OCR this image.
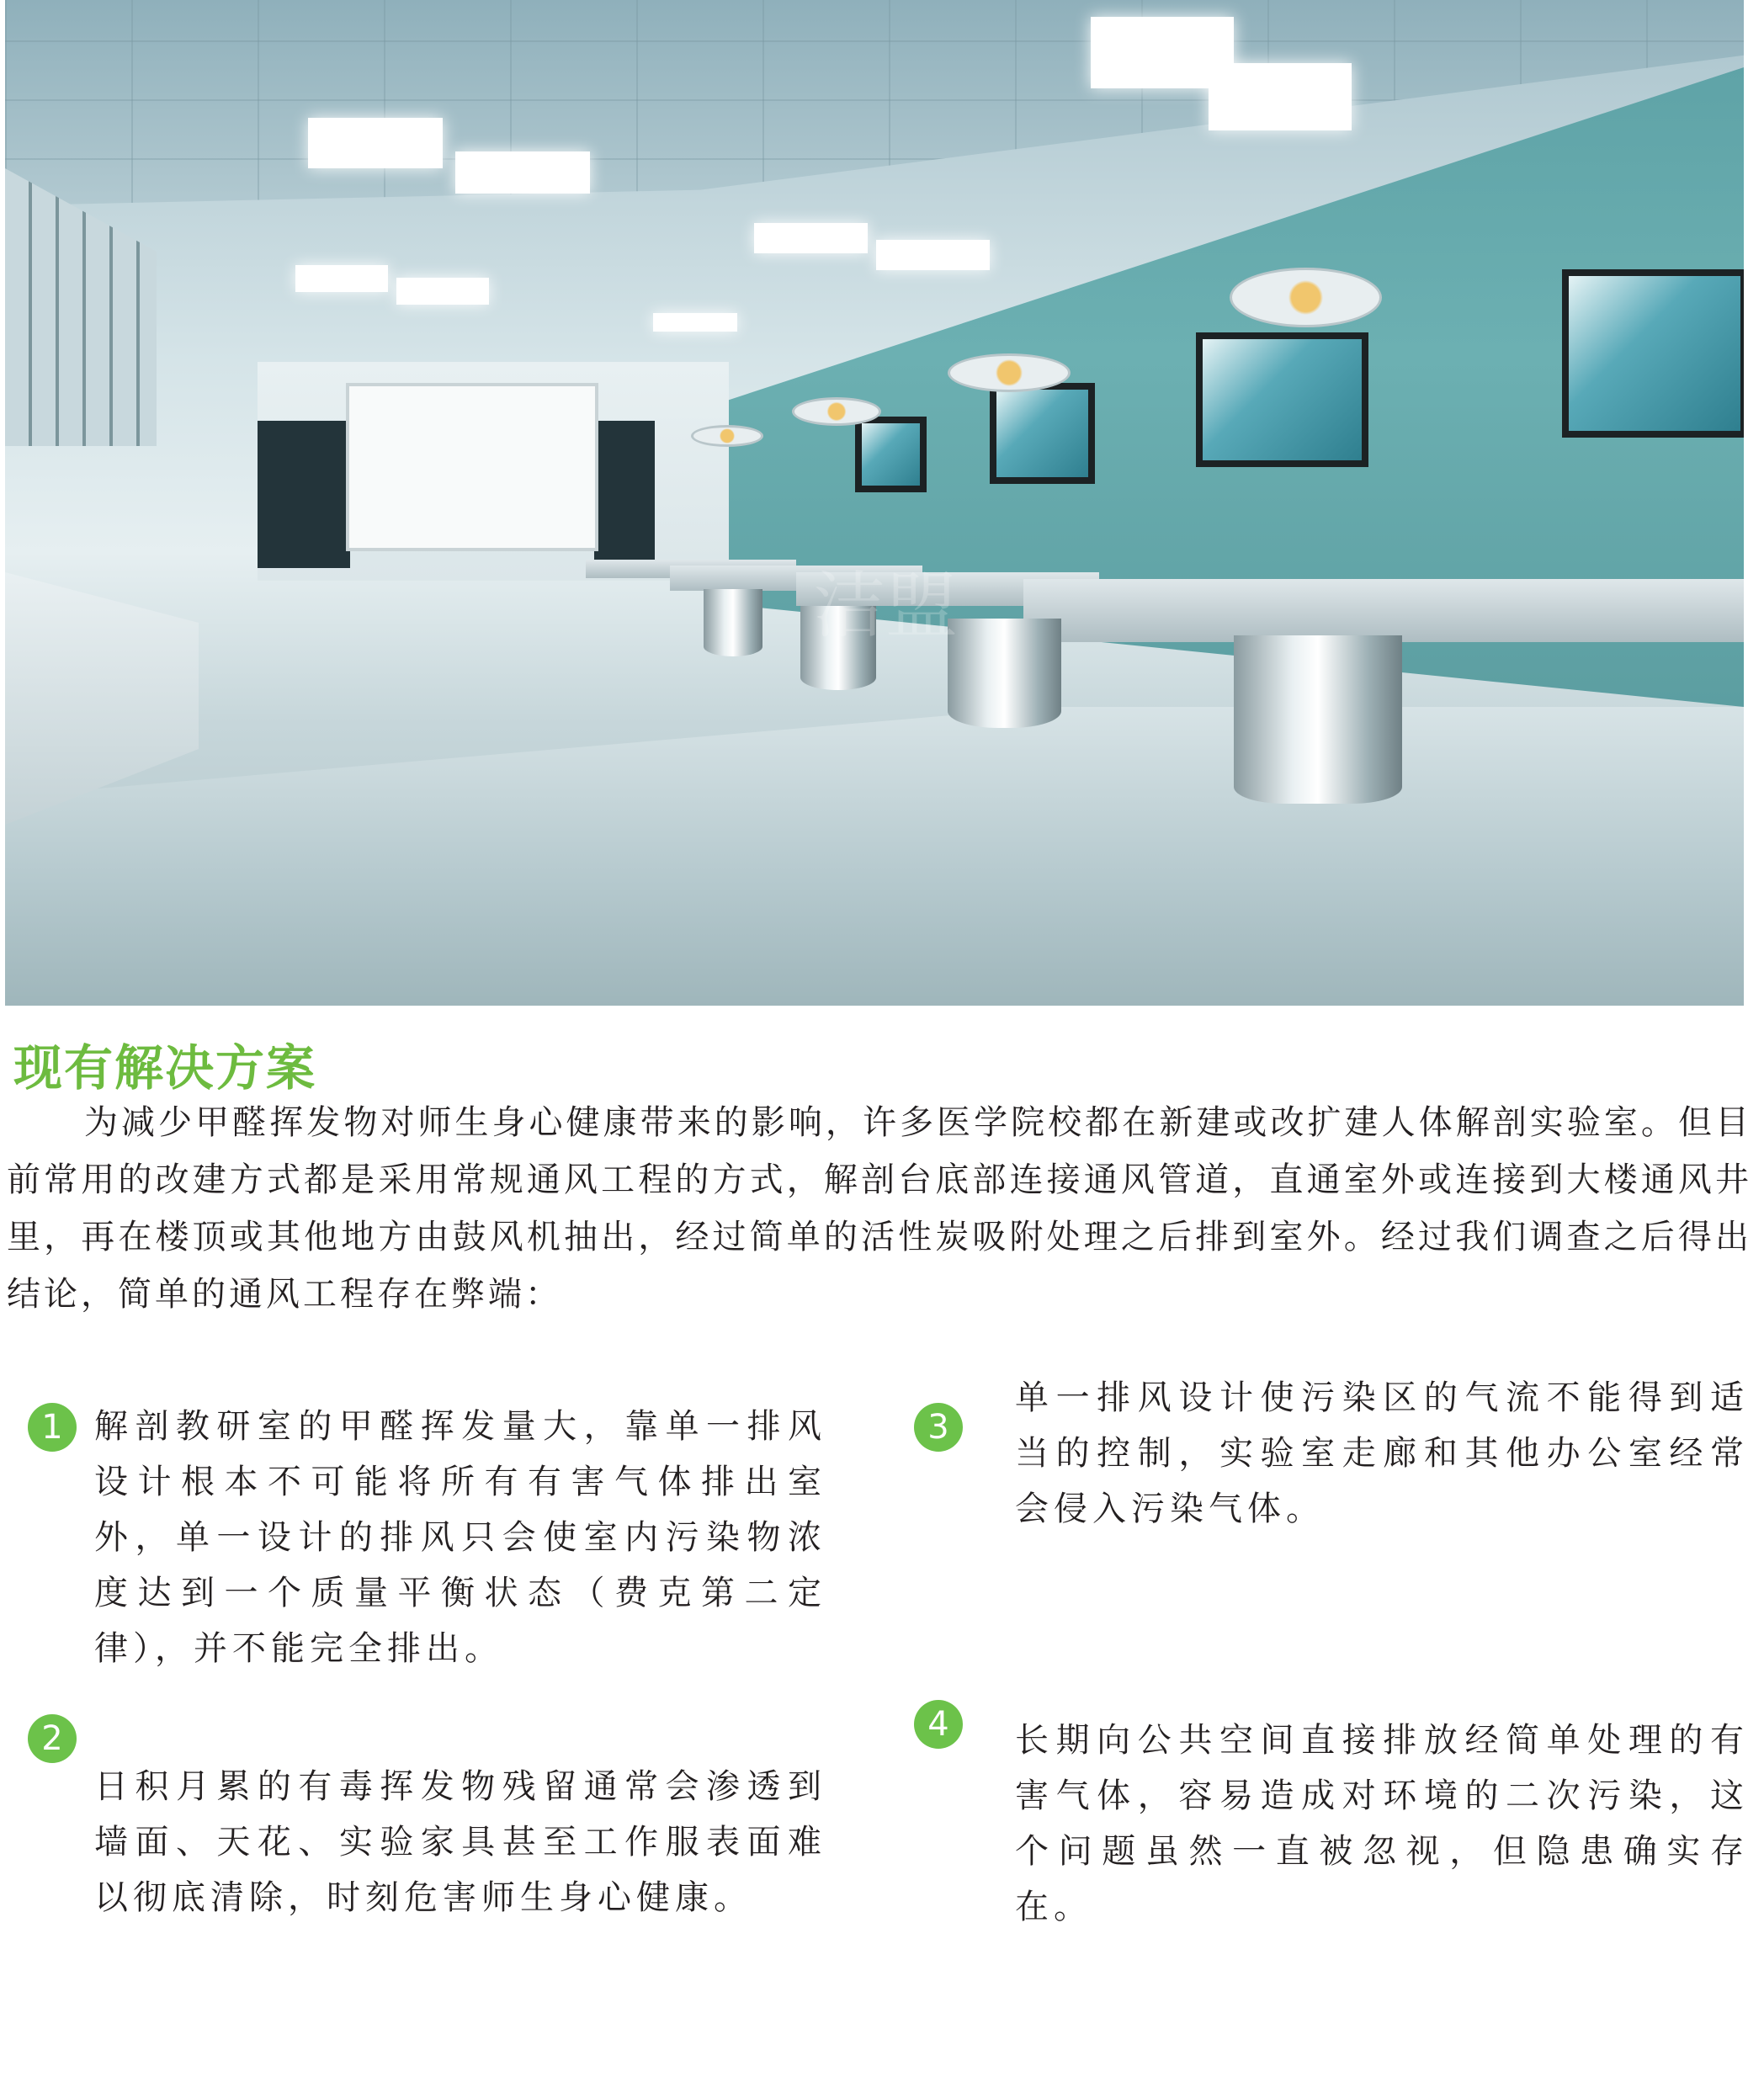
洁盟
现有解决方案

为减少甲醛挥发物对师生身心健康带来的影响，许多医学院校都在新建或改扩建人体解剖实验室。但目前常用的改建方式都是采用常规通风工程的方式，解剖台底部连接通风管道，直通室外或连接到大楼通风井里，再在楼顶或其他地方由鼓风机抽出，经过简单的活性炭吸附处理之后排到室外。经过我们调查之后得出结论，简单的通风工程存在弊端：

1 解剖教研室的甲醛挥发量大，靠单一排风设计根本不可能将所有有害气体排出室外，单一设计的排风只会使室内污染物浓度达到一个质量平衡状态（费克第二定律），并不能完全排出。

2

日积月累的有毒挥发物残留通常会渗透到墙面、天花、实验家具甚至工作服表面难以彻底清除，时刻危害师生身心健康。

3

单一排风设计使污染区的气流不能得到适当的控制，实验室走廊和其他办公室经常会侵入污染气体。

4	长期向公共空间直接排放经简单处理的有害气体，容易造成对环境的二次污染，这个问题虽然一直被忽视，但隐患确实存在。
